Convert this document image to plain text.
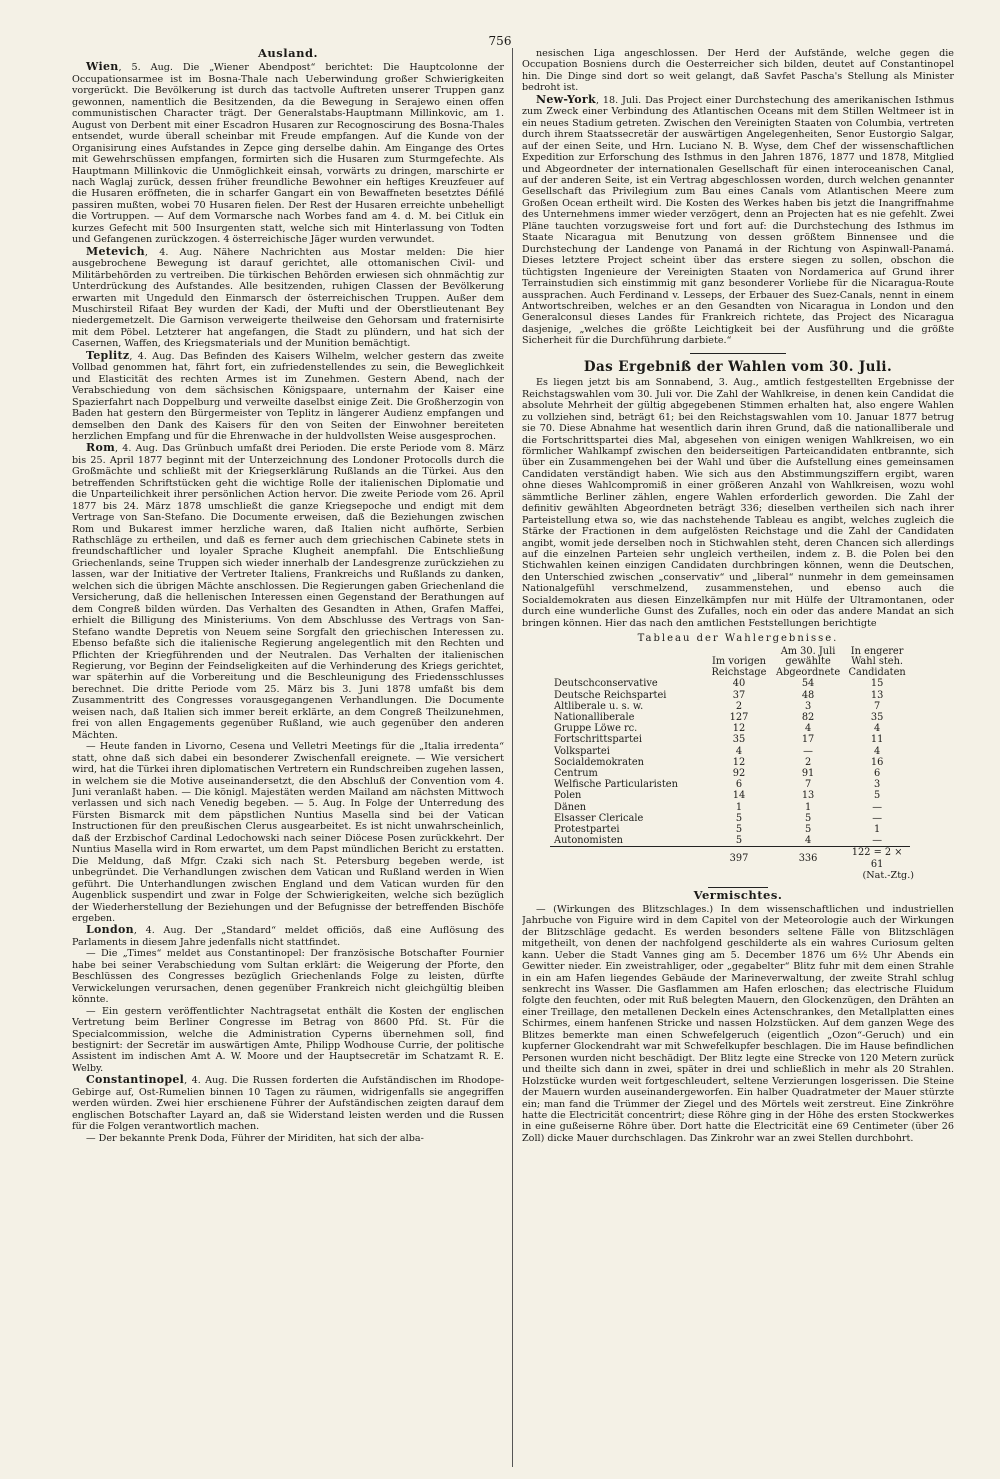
756
Ausland.

Wien, 5. Aug. Die „Wiener Abendpost“ berichtet: Die Hauptcolonne der Occupationsarmee ist im Bosna-Thale nach Ueberwindung großer Schwierigkeiten vorgerückt. Die Bevölkerung ist durch das tactvolle Auftreten unserer Truppen ganz gewonnen, namentlich die Besitzenden, da die Bewegung in Serajewo einen offen communistischen Character trägt. Der Generalstabs-Hauptmann Millinkovic, am 1. August von Derbent mit einer Escadron Husaren zur Recognoscirung des Bosna-Thales entsendet, wurde überall scheinbar mit Freude empfangen. Auf die Kunde von der Organisirung eines Aufstandes in Zepce ging derselbe dahin. Am Eingange des Ortes mit Gewehrschüssen empfangen, formirten sich die Husaren zum Sturmgefechte. Als Hauptmann Millinkovic die Unmöglichkeit einsah, vorwärts zu dringen, marschirte er nach Waglaj zurück, dessen früher freundliche Bewohner ein heftiges Kreuzfeuer auf die Husaren eröffneten, die in scharfer Gangart ein von Bewaffneten besetztes Défilé passiren mußten, wobei 70 Husaren fielen. Der Rest der Husaren erreichte unbehelligt die Vortruppen. — Auf dem Vormarsche nach Worbes fand am 4. d. M. bei Citluk ein kurzes Gefecht mit 500 Insurgenten statt, welche sich mit Hinterlassung von Todten und Gefangenen zurückzogen. 4 österreichische Jäger wurden verwundet.

Metevich, 4. Aug. Nähere Nachrichten aus Mostar melden: Die hier ausgebrochene Bewegung ist darauf gerichtet, alle ottomanischen Civil- und Militärbehörden zu vertreiben. Die türkischen Behörden erwiesen sich ohnmächtig zur Unterdrückung des Aufstandes. Alle besitzenden, ruhigen Classen der Bevölkerung erwarten mit Ungeduld den Einmarsch der österreichischen Truppen. Außer dem Muschirsteil Rifaat Bey wurden der Kadi, der Mufti und der Oberstlieutenant Bey niedergemetzelt. Die Garnison verweigerte theilweise den Gehorsam und fraternisirte mit dem Pöbel. Letzterer hat angefangen, die Stadt zu plündern, und hat sich der Casernen, Waffen, des Kriegsmaterials und der Munition bemächtigt.

Teplitz, 4. Aug. Das Befinden des Kaisers Wilhelm, welcher gestern das zweite Vollbad genommen hat, fährt fort, ein zufriedenstellendes zu sein, die Beweglichkeit und Elasticität des rechten Armes ist im Zunehmen. Gestern Abend, nach der Verabschiedung von dem sächsischen Königspaare, unternahm der Kaiser eine Spazierfahrt nach Doppelburg und verweilte daselbst einige Zeit. Die Großherzogin von Baden hat gestern den Bürgermeister von Teplitz in längerer Audienz empfangen und demselben den Dank des Kaisers für den von Seiten der Einwohner bereiteten herzlichen Empfang und für die Ehrenwache in der huldvollsten Weise ausgesprochen.

Rom, 4. Aug. Das Grünbuch umfaßt drei Perioden. Die erste Periode vom 8. März bis 25. April 1877 beginnt mit der Unterzeichnung des Londoner Protocolls durch die Großmächte und schließt mit der Kriegserklärung Rußlands an die Türkei. Aus den betreffenden Schriftstücken geht die wichtige Rolle der italienischen Diplomatie und die Unparteilichkeit ihrer persönlichen Action hervor. Die zweite Periode vom 26. April 1877 bis 24. März 1878 umschließt die ganze Kriegsepoche und endigt mit dem Vertrage von San-Stefano. Die Documente erweisen, daß die Beziehungen zwischen Rom und Bukarest immer herzliche waren, daß Italien nicht aufhörte, Serbien Rathschläge zu ertheilen, und daß es ferner auch dem griechischen Cabinete stets in freundschaftlicher und loyaler Sprache Klugheit anempfahl. Die Entschließung Griechenlands, seine Truppen sich wieder innerhalb der Landesgrenze zurückziehen zu lassen, war der Initiative der Vertreter Italiens, Frankreichs und Rußlands zu danken, welchen sich die übrigen Mächte anschlossen. Die Regierungen gaben Griechenland die Versicherung, daß die hellenischen Interessen einen Gegenstand der Berathungen auf dem Congreß bilden würden. Das Verhalten des Gesandten in Athen, Grafen Maffei, erhielt die Billigung des Ministeriums. Von dem Abschlusse des Vertrags von San-Stefano wandte Depretis von Neuem seine Sorgfalt den griechischen Interessen zu. Ebenso befaßte sich die italienische Regierung angelegentlich mit den Rechten und Pflichten der Kriegführenden und der Neutralen. Das Verhalten der italienischen Regierung, vor Beginn der Feindseligkeiten auf die Verhinderung des Kriegs gerichtet, war späterhin auf die Vorbereitung und die Beschleunigung des Friedensschlusses berechnet. Die dritte Periode vom 25. März bis 3. Juni 1878 umfaßt bis dem Zusammentritt des Congresses vorausgegangenen Verhandlungen. Die Documente weisen nach, daß Italien sich immer bereit erklärte, an dem Congreß Theilzunehmen, frei von allen Engagements gegenüber Rußland, wie auch gegenüber den anderen Mächten.

— Heute fanden in Livorno, Cesena und Velletri Meetings für die „Italia irredenta“ statt, ohne daß sich dabei ein besonderer Zwischenfall ereignete. — Wie versichert wird, hat die Türkei ihren diplomatischen Vertretern ein Rundschreiben zugehen lassen, in welchem sie die Motive auseinandersetzt, die den Abschluß der Convention vom 4. Juni veranlaßt haben. — Die königl. Majestäten werden Mailand am nächsten Mittwoch verlassen und sich nach Venedig begeben. — 5. Aug. In Folge der Unterredung des Fürsten Bismarck mit dem päpstlichen Nuntius Masella sind bei der Vatican Instructionen für den preußischen Clerus ausgearbeitet. Es ist nicht unwahrscheinlich, daß der Erzbischof Cardinal Ledochowski nach seiner Diöcese Posen zurückkehrt. Der Nuntius Masella wird in Rom erwartet, um dem Papst mündlichen Bericht zu erstatten. Die Meldung, daß Mfgr. Czaki sich nach St. Petersburg begeben werde, ist unbegründet. Die Verhandlungen zwischen dem Vatican und Rußland werden in Wien geführt. Die Unterhandlungen zwischen England und dem Vatican wurden für den Augenblick suspendirt und zwar in Folge der Schwierigkeiten, welche sich bezüglich der Wiederherstellung der Beziehungen und der Befugnisse der betreffenden Bischöfe ergeben.

London, 4. Aug. Der „Standard“ meldet officiös, daß eine Auflösung des Parlaments in diesem Jahre jedenfalls nicht stattfindet.

— Die „Times“ meldet aus Constantinopel: Der französische Botschafter Fournier habe bei seiner Verabschiedung vom Sultan erklärt: die Weigerung der Pforte, den Beschlüssen des Congresses bezüglich Griechenlands Folge zu leisten, dürfte Verwickelungen verursachen, denen gegenüber Frankreich nicht gleichgültig bleiben könnte.

— Ein gestern veröffentlichter Nachtragsetat enthält die Kosten der englischen Vertretung beim Berliner Congresse im Betrag von 8600 Pfd. St. Für die Specialcommission, welche die Administration Cyperns übernehmen soll, find bestignirt: der Secretär im auswärtigen Amte, Philipp Wodhouse Currie, der politische Assistent im indischen Amt A. W. Moore und der Hauptsecretär im Schatzamt R. E. Welby.

Constantinopel, 4. Aug. Die Russen forderten die Aufständischen im Rhodope-Gebirge auf, Ost-Rumelien binnen 10 Tagen zu räumen, widrigenfalls sie angegriffen werden würden. Zwei hier erschienene Führer der Aufständischen zeigten darauf dem englischen Botschafter Layard an, daß sie Widerstand leisten werden und die Russen für die Folgen verantwortlich machen.

— Der bekannte Prenk Doda, Führer der Miriditen, hat sich der alba-

nesischen Liga angeschlossen. Der Herd der Aufstände, welche gegen die Occupation Bosniens durch die Oesterreicher sich bilden, deutet auf Constantinopel hin. Die Dinge sind dort so weit gelangt, daß Savfet Pascha's Stellung als Minister bedroht ist.

New-York, 18. Juli. Das Project einer Durchstechung des amerikanischen Isthmus zum Zweck einer Verbindung des Atlantischen Oceans mit dem Stillen Weltmeer ist in ein neues Stadium getreten. Zwischen den Vereinigten Staaten von Columbia, vertreten durch ihrem Staatssecretär der auswärtigen Angelegenheiten, Senor Eustorgio Salgar, auf der einen Seite, und Hrn. Luciano N. B. Wyse, dem Chef der wissenschaftlichen Expedition zur Erforschung des Isthmus in den Jahren 1876, 1877 und 1878, Mitglied und Abgeordneter der internationalen Gesellschaft für einen interoceanischen Canal, auf der anderen Seite, ist ein Vertrag abgeschlossen worden, durch welchen genannter Gesellschaft das Privilegium zum Bau eines Canals vom Atlantischen Meere zum Großen Ocean ertheilt wird. Die Kosten des Werkes haben bis jetzt die Inangriffnahme des Unternehmens immer wieder verzögert, denn an Projecten hat es nie gefehlt. Zwei Pläne tauchten vorzugsweise fort und fort auf: die Durchstechung des Isthmus im Staate Nicaragua mit Benutzung von dessen größtem Binnensee und die Durchstechung der Landenge von Panamá in der Richtung von Aspinwall-Panamá. Dieses letztere Project scheint über das erstere siegen zu sollen, obschon die tüchtigsten Ingenieure der Vereinigten Staaten von Nordamerica auf Grund ihrer Terrainstudien sich einstimmig mit ganz besonderer Vorliebe für die Nicaragua-Route aussprachen. Auch Ferdinand v. Lesseps, der Erbauer des Suez-Canals, nennt in einem Antwortschreiben, welches er an den Gesandten von Nicaragua in London und den Generalconsul dieses Landes für Frankreich richtete, das Project des Nicaragua dasjenige, „welches die größte Leichtigkeit bei der Ausführung und die größte Sicherheit für die Durchführung darbiete.“

Das Ergebniß der Wahlen vom 30. Juli.

Es liegen jetzt bis am Sonnabend, 3. Aug., amtlich festgestellten Ergebnisse der Reichstagswahlen vom 30. Juli vor. Die Zahl der Wahlkreise, in denen kein Candidat die absolute Mehrheit der gültig abgegebenen Stimmen erhalten hat, also engere Wahlen zu vollziehen sind, beträgt 61; bei den Reichstagswahlen vom 10. Januar 1877 betrug sie 70. Diese Abnahme hat wesentlich darin ihren Grund, daß die nationalliberale und die Fortschrittspartei dies Mal, abgesehen von einigen wenigen Wahlkreisen, wo ein förmlicher Wahlkampf zwischen den beiderseitigen Parteicandidaten entbrannte, sich über ein Zusammengehen bei der Wahl und über die Aufstellung eines gemeinsamen Candidaten verständigt haben. Wie sich aus den Abstimmungsziffern ergibt, waren ohne dieses Wahlcompromiß in einer größeren Anzahl von Wahlkreisen, wozu wohl sämmtliche Berliner zählen, engere Wahlen erforderlich geworden. Die Zahl der definitiv gewählten Abgeordneten beträgt 336; dieselben vertheilen sich nach ihrer Parteistellung etwa so, wie das nachstehende Tableau es angibt, welches zugleich die Stärke der Fractionen in dem aufgelösten Reichstage und die Zahl der Candidaten angibt, womit jede derselben noch in Stichwahlen steht, deren Chancen sich allerdings auf die einzelnen Parteien sehr ungleich vertheilen, indem z. B. die Polen bei den Stichwahlen keinen einzigen Candidaten durchbringen können, wenn die Deutschen, den Unterschied zwischen „conservativ“ und „liberal“ nunmehr in dem gemeinsamen Nationalgefühl verschmelzend, zusammenstehen, und ebenso auch die Socialdemokraten aus diesen Einzelkämpfen nur mit Hülfe der Ultramontanen, oder durch eine wunderliche Gunst des Zufalles, noch ein oder das andere Mandat an sich bringen können. Hier das nach den amtlichen Feststellungen berichtigte

Tableau der Wahlergebnisse.
	Im vorigen Reichstage	Am 30. Juli gewählte Abgeordnete	In engerer Wahl steh. Candidaten
Deutschconservative	40	54	15
Deutsche Reichspartei	37	48	13
Altliberale u. s. w.	2	3	7
Nationalliberale	127	82	35
Gruppe Löwe rc.	12	4	4
Fortschrittspartei	35	17	11
Volkspartei	4	—	4
Socialdemokraten	12	2	16
Centrum	92	91	6
Welfische Particularisten	6	7	3
Polen	14	13	5
Dänen	1	1	—
Elsasser Clericale	5	5	—
Protestpartei	5	5	1
Autonomisten	5	4	—
	397	336	122 = 2 × 61
(Nat.-Ztg.)
Vermischtes.

— (Wirkungen des Blitzschlages.) In dem wissenschaftlichen und industriellen Jahrbuche von Figuire wird in dem Capitel von der Meteorologie auch der Wirkungen der Blitzschläge gedacht. Es werden besonders seltene Fälle von Blitzschlägen mitgetheilt, von denen der nachfolgend geschilderte als ein wahres Curiosum gelten kann. Ueber die Stadt Vannes ging am 5. December 1876 um 6½ Uhr Abends ein Gewitter nieder. Ein zweistrahliger, oder „gegabelter“ Blitz fuhr mit dem einen Strahle in ein am Hafen liegendes Gebäude der Marineverwaltung, der zweite Strahl schlug senkrecht ins Wasser. Die Gasflammen am Hafen erloschen; das electrische Fluidum folgte den feuchten, oder mit Ruß belegten Mauern, den Glockenzügen, den Drähten an einer Treillage, den metallenen Deckeln eines Actenschrankes, den Metallplatten eines Schirmes, einem hanfenen Stricke und nassen Holzstücken. Auf dem ganzen Wege des Blitzes bemerkte man einen Schwefelgeruch (eigentlich „Ozon“-Geruch) und ein kupferner Glockendraht war mit Schwefelkupfer beschlagen. Die im Hause befindlichen Personen wurden nicht beschädigt. Der Blitz legte eine Strecke von 120 Metern zurück und theilte sich dann in zwei, später in drei und schließlich in mehr als 20 Strahlen. Holzstücke wurden weit fortgeschleudert, seltene Verzierungen losgerissen. Die Steine der Mauern wurden auseinandergeworfen. Ein halber Quadratmeter der Mauer stürzte ein; man fand die Trümmer der Ziegel und des Mörtels weit zerstreut. Eine Zinkröhre hatte die Electricität concentrirt; diese Röhre ging in der Höhe des ersten Stockwerkes in eine gußeiserne Röhre über. Dort hatte die Electricität eine 69 Centimeter (über 26 Zoll) dicke Mauer durchschlagen. Das Zinkrohr war an zwei Stellen durchbohrt.
